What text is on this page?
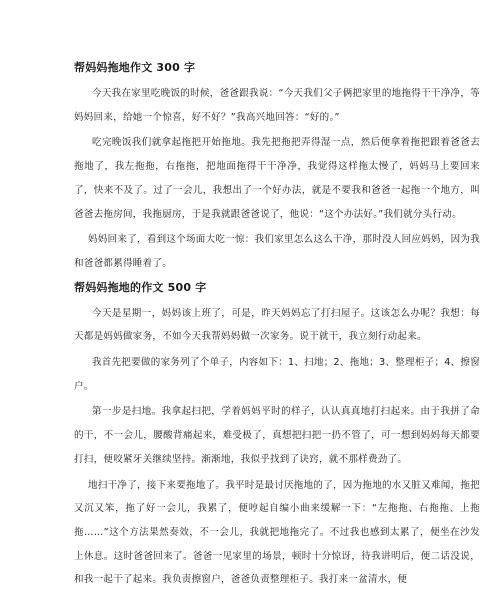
帮妈妈拖地作文 300 字

今天我在家里吃晚饭的时候，爸爸跟我说：“今天我们父子俩把家里的地拖得干干净净，等妈妈回来，给她一个惊喜，好不好？”我高兴地回答：“好的。”

吃完晚饭我们就拿起拖把开始拖地。我先把拖把弄得湿一点，然后便拿着拖把跟着爸爸去拖地了，我左拖拖，右拖拖，把地面拖得干干净净，我觉得这样拖太慢了，妈妈马上要回来了，快来不及了。过了一会儿，我想出了一个好办法，就是不要我和爸爸一起拖一个地方，叫爸爸去拖房间，我拖厨房，于是我就跟爸爸说了，他说：“这个办法好。”我们就分头行动。

妈妈回来了，看到这个场面大吃一惊：我们家里怎么这么干净，那时没人回应妈妈，因为我和爸爸都累得睡着了。

帮妈妈拖地的作文 500 字

今天是星期一，妈妈该上班了，可是，昨天妈妈忘了打扫屋子。这该怎么办呢？我想：每天都是妈妈做家务，不如今天我帮妈妈做一次家务。说干就干，我立刻行动起来。

我首先把要做的家务列了个单子，内容如下：1、扫地；2、拖地；3、整理柜子；4、擦窗户。

第一步是扫地。我拿起扫把，学着妈妈平时的样子，认认真真地打扫起来。由于我拼了命的干，不一会儿，腰酸背痛起来，难受极了，真想把扫把一扔不管了，可一想到妈妈每天都要打扫，便咬紧牙关继续坚持。渐渐地，我似乎找到了诀窍，就不那样费劲了。

地扫干净了，接下来要拖地了。我平时是最讨厌拖地的了，因为拖地的水又脏又难闻，拖把又沉又笨，拖了好一会儿，我累了，便哼起自编小曲来缓解一下：“左拖拖、右拖拖、上拖拖……”这个方法果然奏效，不一会儿，我就把地拖完了。不过我也感到太累了，便坐在沙发上休息。这时爸爸回来了。爸爸一见家里的场景，顿时十分惊讶，待我讲明后，便二话没说，和我一起干了起来。我负责擦窗户，爸爸负责整理柜子。我打来一盆清水，便
